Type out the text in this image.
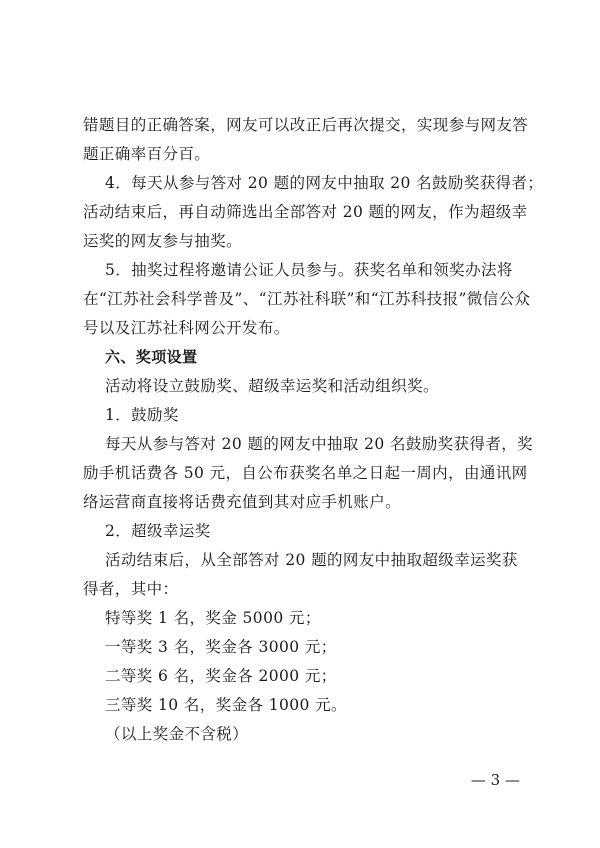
错题目的正确答案，网友可以改正后再次提交，实现参与网友答
题正确率百分百。
4．每天从参与答对 20 题的网友中抽取 20 名鼓励奖获得者；
活动结束后，再自动筛选出全部答对 20 题的网友，作为超级幸
运奖的网友参与抽奖。
5．抽奖过程将邀请公证人员参与。获奖名单和领奖办法将
在“江苏社会科学普及”、“江苏社科联”和“江苏科技报”微信公众
号以及江苏社科网公开发布。
六、奖项设置
活动将设立鼓励奖、超级幸运奖和活动组织奖。
1．鼓励奖
每天从参与答对 20 题的网友中抽取 20 名鼓励奖获得者，奖
励手机话费各 50 元，自公布获奖名单之日起一周内，由通讯网
络运营商直接将话费充值到其对应手机账户。
2．超级幸运奖
活动结束后，从全部答对 20 题的网友中抽取超级幸运奖获
得者，其中：
特等奖 1 名，奖金 5000 元；
一等奖 3 名，奖金各 3000 元；
二等奖 6 名，奖金各 2000 元；
三等奖 10 名，奖金各 1000 元。
（以上奖金不含税）
— 3 —
